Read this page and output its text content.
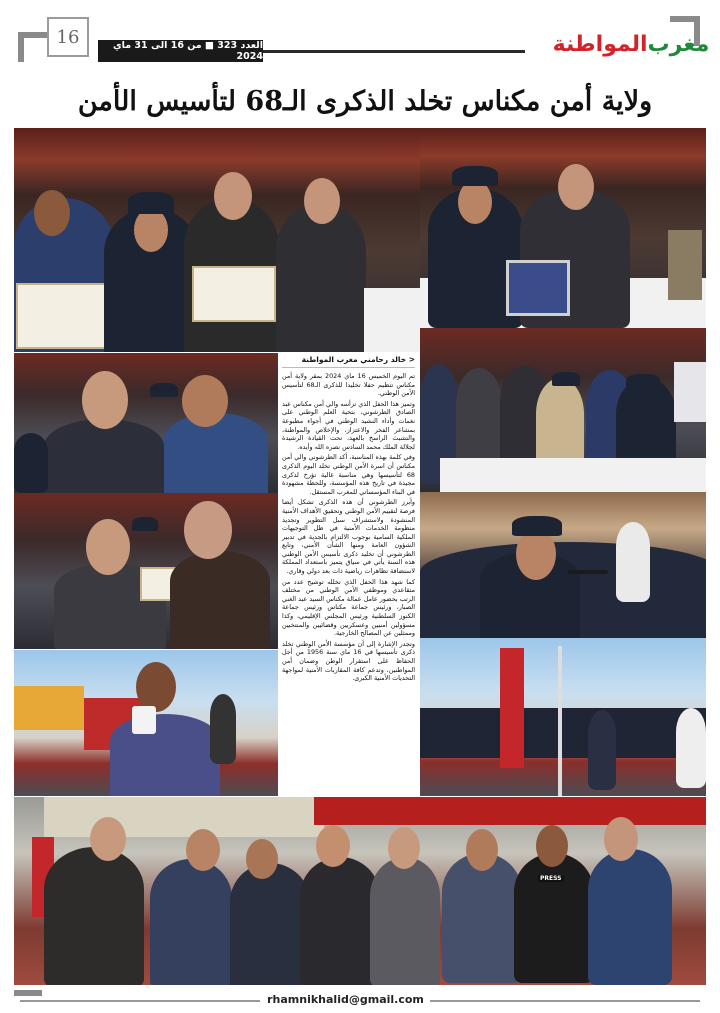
16	العدد 323 ■ من 16 الى 31 ماي 2024	مغرب
المواطنة
ولاية أمن مكناس تخلد الذكرى الـ68 لتأسيس الأمن
PRESS
< خالد رحامني مغرب المواطنة

تم اليوم الخميس 16 ماي 2024 بمقر ولاية أمن مكناس تنظيم حفلا تخليدا للذكرى الـ68 لتأسيس الأمن الوطني.

وتميز هذا الحفل الذي ترأسه والي أمن مكناس عبد الصادق الطرشوني، بتحية العلم الوطني على نغمات وأداء النشيد الوطني في أجواء مطبوعة بمشاعر الفخر والاعتزاز، والإخلاص والمواطنة، والتشبث الراسخ بالعهد، تحت القيادة الرشيدة لجلالة الملك محمد السادس نصره الله وأيده.

وفي كلمة بهذه المناسبة، أكد الطرشوني والي أمن مكناس أن اسرة الأمن الوطني تخلد اليوم الذكرى 68 لتأسيسها وهي مناسبة غالية تؤرخ لذكرى مجيدة في تاريخ هذه المؤسسة، وللحظة مشهودة في البناء المؤسساتي للمغرب المستقل.

وأبرز الطرشوني أن هذه الذكرى تشكل أيضا فرصة لتقييم الأمن الوطني وتحقيق الأهداف الأمنية المنشودة ولاستشراف سبل التطوير وتجديد منظومة الخدمات الأمنية في ظل التوجيهات الملكية السامية بوجوب الالتزام بالجدية في تدبير الشؤون العامة ومنها الشأن الأمني، وتابع الطرشوني أن تخليد ذكرى تأسيس الأمن الوطني هذه السنة يأتي في سياق يتميز باستعداد المملكة لاستضافة تظاهرات رياضية ذات بعد دولي وقاري.

كما شهد هذا الحفل الذي تخلله توشيح عدد من متقاعدي وموظفي الأمن الوطني من مختلف الرتب بحضور عامل عمالة مكناس السيد عبد الغني الصبار، ورئيس جماعة مكناس ورئيس جماعة الكنوز السلطنية ورئيس المجلس الإقليمي، وكذا مسؤولين أمنيين وعسكريين وقضائيين والمنتخبين وممثلين عن المصالح الخارجية.

وتجدر الإشارة إلى أن مؤسسة الأمن الوطني تخلد ذكرى تأسيسها في 16 ماي سنة 1956 من أجل الحفاظ على استقرار الوطن وضمان أمن المواطنين، وتدعم كافة المقاربات الأمنية لمواجهة التحديات الأمنية الكبرى.

rhamnikhalid@gmail.com
